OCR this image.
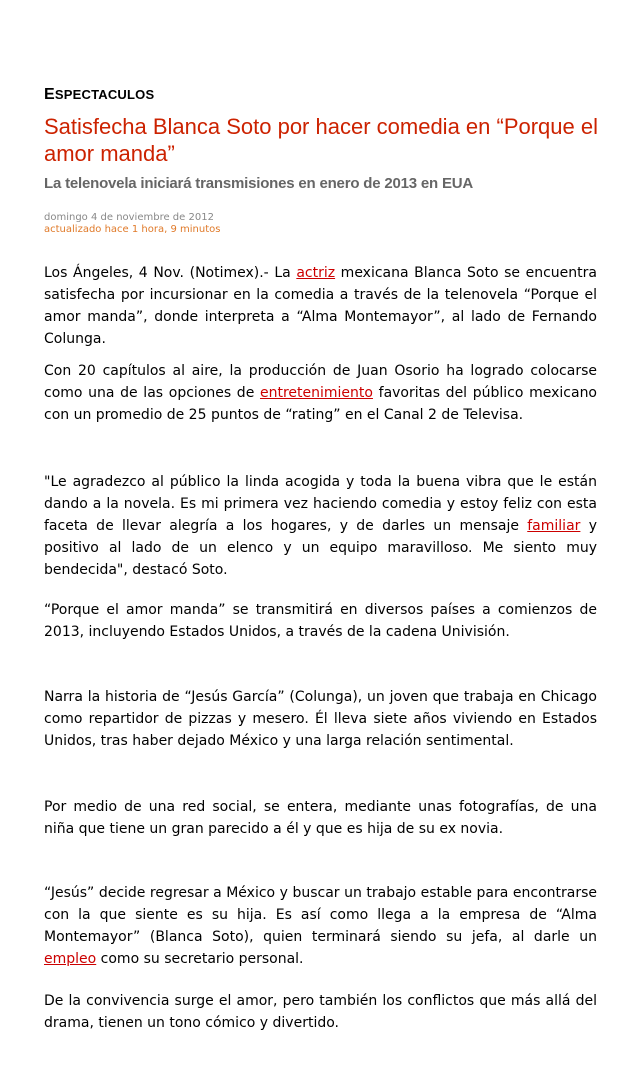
ESPECTACULOS
Satisfecha Blanca Soto por hacer comedia en “Porque el amor manda”
La telenovela iniciará transmisiones en enero de 2013 en EUA
domingo 4 de noviembre de 2012
actualizado hace 1 hora, 9 minutos

Los Ángeles, 4 Nov. (Notimex).- La actriz mexicana Blanca Soto se encuentra satisfecha por incursionar en la comedia a través de la telenovela “Porque el amor manda”, donde interpreta a “Alma Montemayor”, al lado de Fernando Colunga.

Con 20 capítulos al aire, la producción de Juan Osorio ha logrado colocarse como una de las opciones de entretenimiento favoritas del público mexicano con un promedio de 25 puntos de “rating” en el Canal 2 de Televisa.

"Le agradezco al público la linda acogida y toda la buena vibra que le están dando a la novela. Es mi primera vez haciendo comedia y estoy feliz con esta faceta de llevar alegría a los hogares, y de darles un mensaje familiar y positivo al lado de un elenco y un equipo maravilloso. Me siento muy bendecida", destacó Soto.

“Porque el amor manda” se transmitirá en diversos países a comienzos de 2013, incluyendo Estados Unidos, a través de la cadena Univisión.

Narra la historia de “Jesús García” (Colunga), un joven que trabaja en Chicago como repartidor de pizzas y mesero. Él lleva siete años viviendo en Estados Unidos, tras haber dejado México y una larga relación sentimental.

Por medio de una red social, se entera, mediante unas fotografías, de una niña que tiene un gran parecido a él y que es hija de su ex novia.

“Jesús” decide regresar a México y buscar un trabajo estable para encontrarse con la que siente es su hija. Es así como llega a la empresa de “Alma Montemayor” (Blanca Soto), quien terminará siendo su jefa, al darle un empleo como su secretario personal.

De la convivencia surge el amor, pero también los conflictos que más allá del drama, tienen un tono cómico y divertido.
